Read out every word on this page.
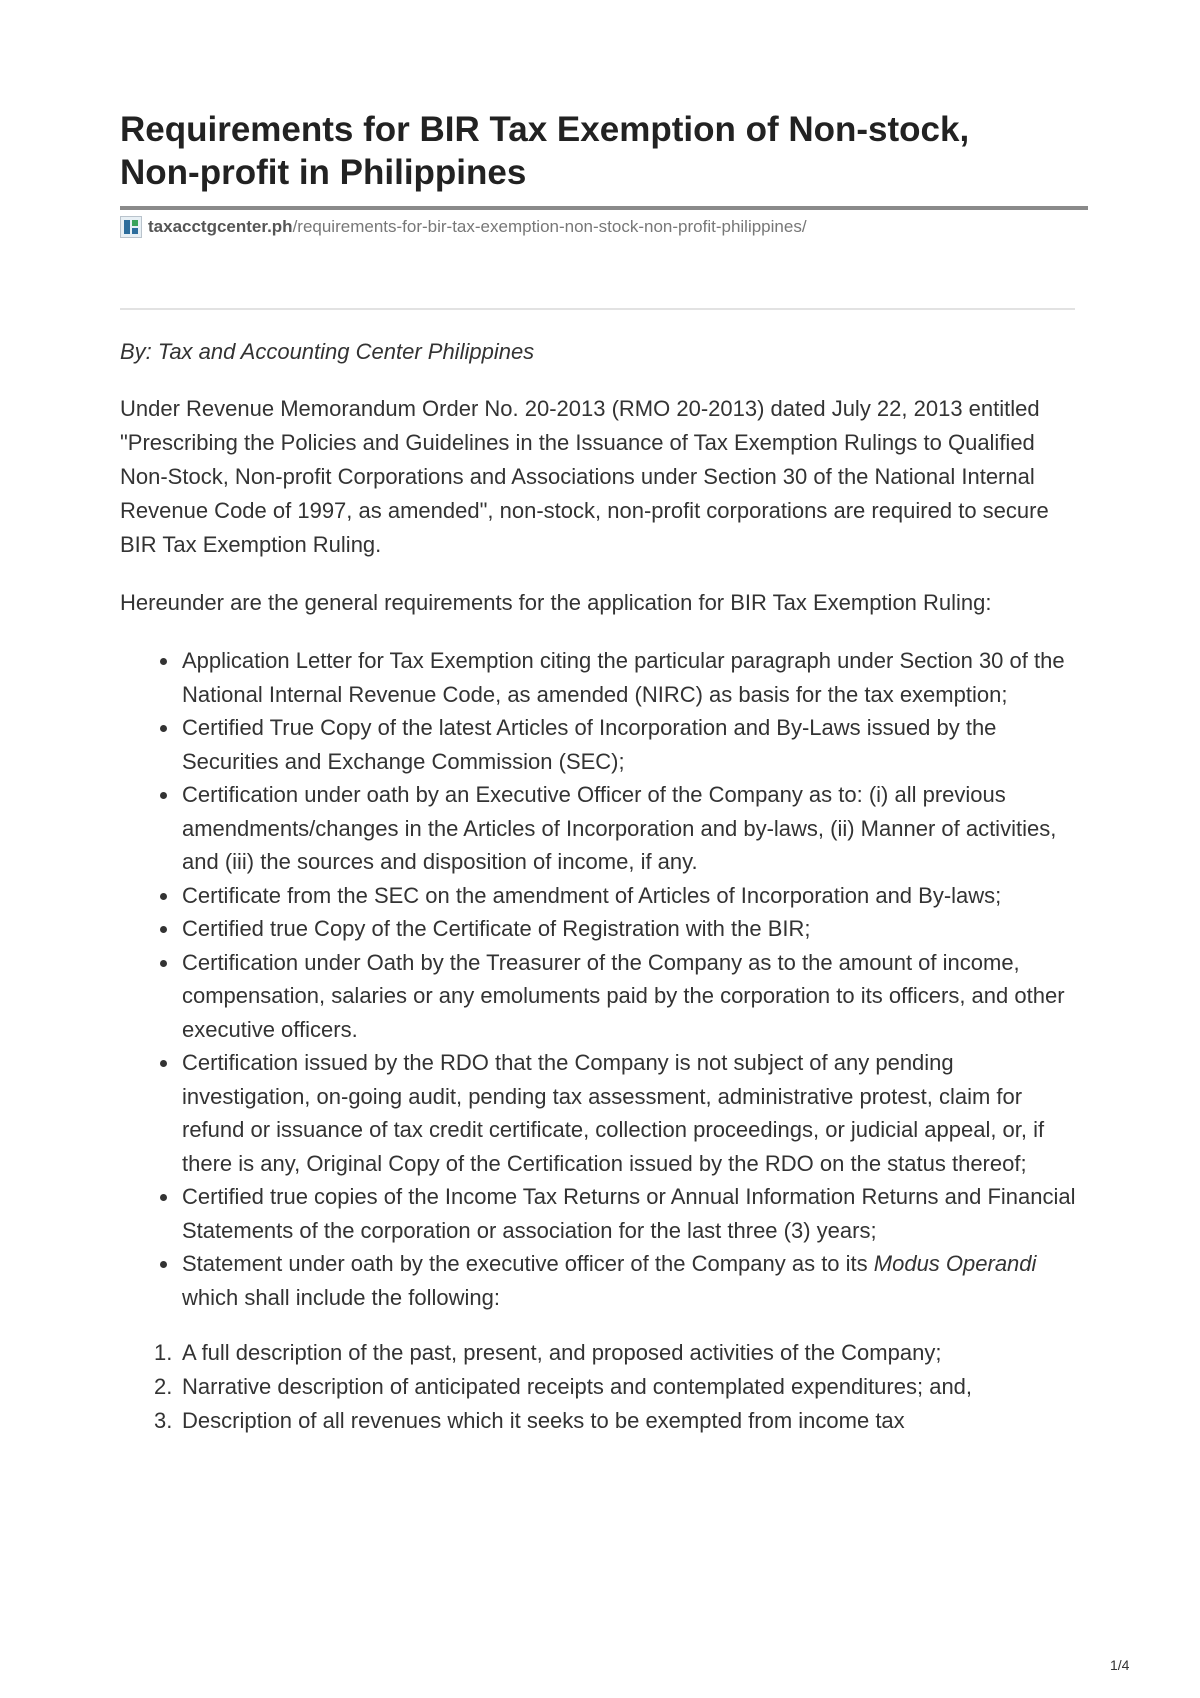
Requirements for BIR Tax Exemption of Non-stock, Non-profit in Philippines
taxacctgcenter.ph /requirements-for-bir-tax-exemption-non-stock-non-profit-philippines/

By: Tax and Accounting Center Philippines

Under Revenue Memorandum Order No. 20-2013 (RMO 20-2013) dated July 22, 2013 entitled "Prescribing the Policies and Guidelines in the Issuance of Tax Exemption Rulings to Qualified Non-Stock, Non-profit Corporations and Associations under Section 30 of the National Internal Revenue Code of 1997, as amended", non-stock, non-profit corporations are required to secure BIR Tax Exemption Ruling.

Hereunder are the general requirements for the application for BIR Tax Exemption Ruling:

Application Letter for Tax Exemption citing the particular paragraph under Section 30 of the National Internal Revenue Code, as amended (NIRC) as basis for the tax exemption;
Certified True Copy of the latest Articles of Incorporation and By-Laws issued by the Securities and Exchange Commission (SEC);
Certification under oath by an Executive Officer of the Company as to: (i) all previous amendments/changes in the Articles of Incorporation and by-laws, (ii) Manner of activities, and (iii) the sources and disposition of income, if any.
Certificate from the SEC on the amendment of Articles of Incorporation and By-laws;
Certified true Copy of the Certificate of Registration with the BIR;
Certification under Oath by the Treasurer of the Company as to the amount of income, compensation, salaries or any emoluments paid by the corporation to its officers, and other executive officers.
Certification issued by the RDO that the Company is not subject of any pending investigation, on-going audit, pending tax assessment, administrative protest, claim for refund or issuance of tax credit certificate, collection proceedings, or judicial appeal, or, if there is any, Original Copy of the Certification issued by the RDO on the status thereof;
Certified true copies of the Income Tax Returns or Annual Information Returns and Financial Statements of the corporation or association for the last three (3) years;
Statement under oath by the executive officer of the Company as to its Modus Operandi which shall include the following:
1. A full description of the past, present, and proposed activities of the Company;
2. Narrative description of anticipated receipts and contemplated expenditures; and,
3. Description of all revenues which it seeks to be exempted from income tax
1/4
